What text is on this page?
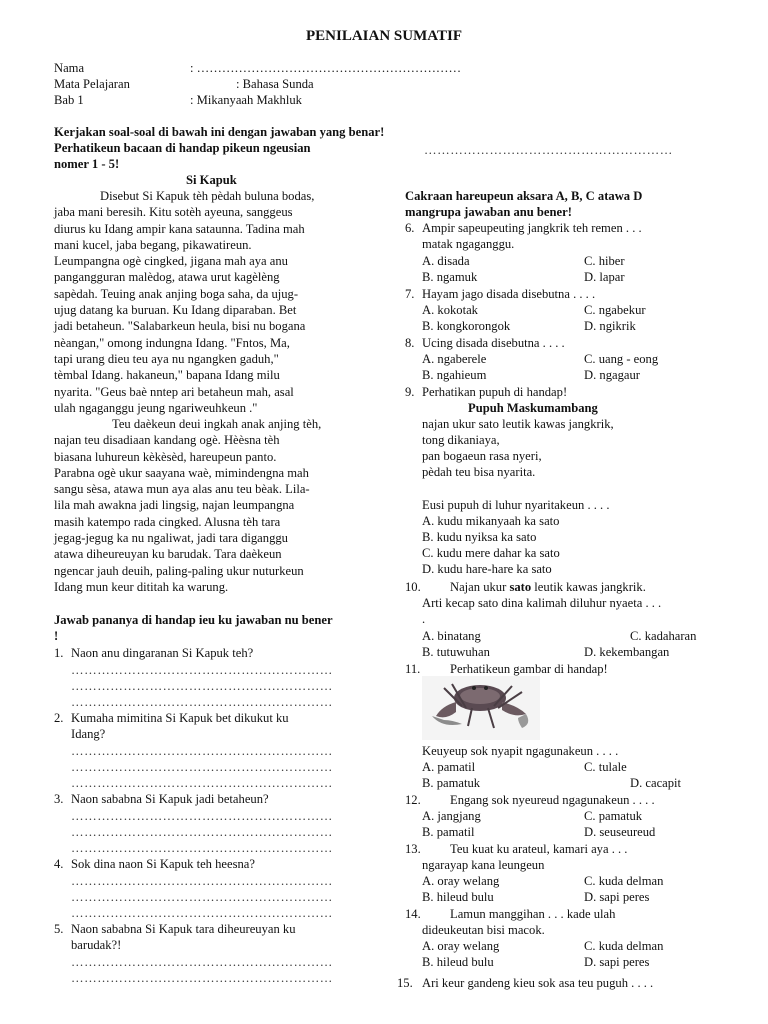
PENILAIAN SUMATIF
Nama	: ………………………………………………………
Mata Pelajaran	: Bahasa Sunda
Bab 1	: Mikanyaah Makhluk
Kerjakan soal-soal di bawah ini dengan jawaban yang benar!
Perhatikeun bacaan di handap pikeun ngeusian	…………………………………………………
nomer 1 - 5!
Si Kapuk

Disebut Si Kapuk tèh pèdah buluna bodas,

jaba mani beresih. Kitu sotèh ayeuna, sanggeus

diurus ku Idang ampir kana sataunna. Tadina mah

mani kucel, jaba begang, pikawatireun.

Leumpangna ogè cingked, jigana mah aya anu

pangangguran malèdog, atawa urut kagèlèng

sapèdah. Teuing anak anjing boga saha, da ujug-

ujug datang ka buruan. Ku Idang diparaban. Bet

jadi betaheun. "Salabarkeun heula, bisi nu bogana

nèangan," omong indungna Idang. "Fntos, Ma,

tapi urang dieu teu aya nu ngangken gaduh,"

tèmbal Idang. hakaneun," bapana Idang milu

nyarita. "Geus baè nntep ari betaheun mah, asal

ulah ngaganggu jeung ngariweuhkeun ."

Teu daèkeun deui ingkah anak anjing tèh,

najan teu disadiaan kandang ogè. Hèèsna tèh

biasana luhureun kèkèsèd, hareupeun panto.

Parabna ogè ukur saayana waè, mimindengna mah

sangu sèsa, atawa mun aya alas anu teu bèak. Lila-

lila mah awakna jadi lingsig, najan leumpangna

masih katempo rada cingked. Alusna tèh tara

jegag-jegug ka nu ngaliwat, jadi tara diganggu

atawa diheureuyan ku barudak. Tara daèkeun

ngencar jauh deuih, paling-paling ukur nuturkeun

Idang mun keur dititah ka warung.

Jawab pananya di handap ieu ku jawaban nu bener
!
1. Naon anu dingaranan Si Kapuk teh?
……………………………………………………
……………………………………………………
……………………………………………………
2. Kumaha mimitina Si Kapuk bet dikukut ku
Idang?
……………………………………………………
……………………………………………………
……………………………………………………
3. Naon sababna Si Kapuk jadi betaheun?
……………………………………………………
……………………………………………………
……………………………………………………
4. Sok dina naon Si Kapuk teh heesna?
……………………………………………………
……………………………………………………
……………………………………………………
5. Naon sababna Si Kapuk tara diheureuyan ku
barudak?!
……………………………………………………
……………………………………………………
Cakraan hareupeun aksara A, B, C atawa D
mangrupa jawaban anu bener!
6. Ampir sapeupeuting jangkrik teh remen . . .
matak ngaganggu.
A. disada	C. hiber
B. ngamuk	D. lapar
7. Hayam jago disada disebutna . . . .
A. kokotak	C. ngabekur
B. kongkorongok	D. ngikrik
8. Ucing disada disebutna . . . .
A. ngaberele	C. uang - eong
B. ngahieum	D. ngagaur
9. Perhatikan pupuh di handap!
Pupuh Maskumambang
najan ukur sato leutik kawas jangkrik,
tong dikaniaya,
pan bogaeun rasa nyeri,
pèdah teu bisa nyarita.
Eusi pupuh di luhur nyaritakeun . . . .
A. kudu mikanyaah ka sato
B. kudu nyiksa ka sato
C. kudu mere dahar ka sato
D. kudu hare-hare ka sato
10. Najan ukur sato leutik kawas jangkrik.
Arti kecap sato dina kalimah diluhur nyaeta . . .
.
A. binatang	C. kadaharan
B. tutuwuhan	D. kekembangan
11. Perhatikeun gambar di handap!
Keuyeup sok nyapit ngagunakeun . . . .
A. pamatil	C. tulale
B. pamatuk	D. cacapit
12. Engang sok nyeureud ngagunakeun . . . .
A. jangjang	C. pamatuk
B. pamatil	D. seuseureud
13. Teu kuat ku arateul, kamari aya . . .
ngarayap kana leungeun
A. oray welang	C. kuda delman
B. hileud bulu	D. sapi peres
14. Lamun manggihan . . . kade ulah
dideukeutan bisi macok.
A. oray welang	C. kuda delman
B. hileud bulu	D. sapi peres
15. Ari keur gandeng kieu sok asa teu puguh . . . .
